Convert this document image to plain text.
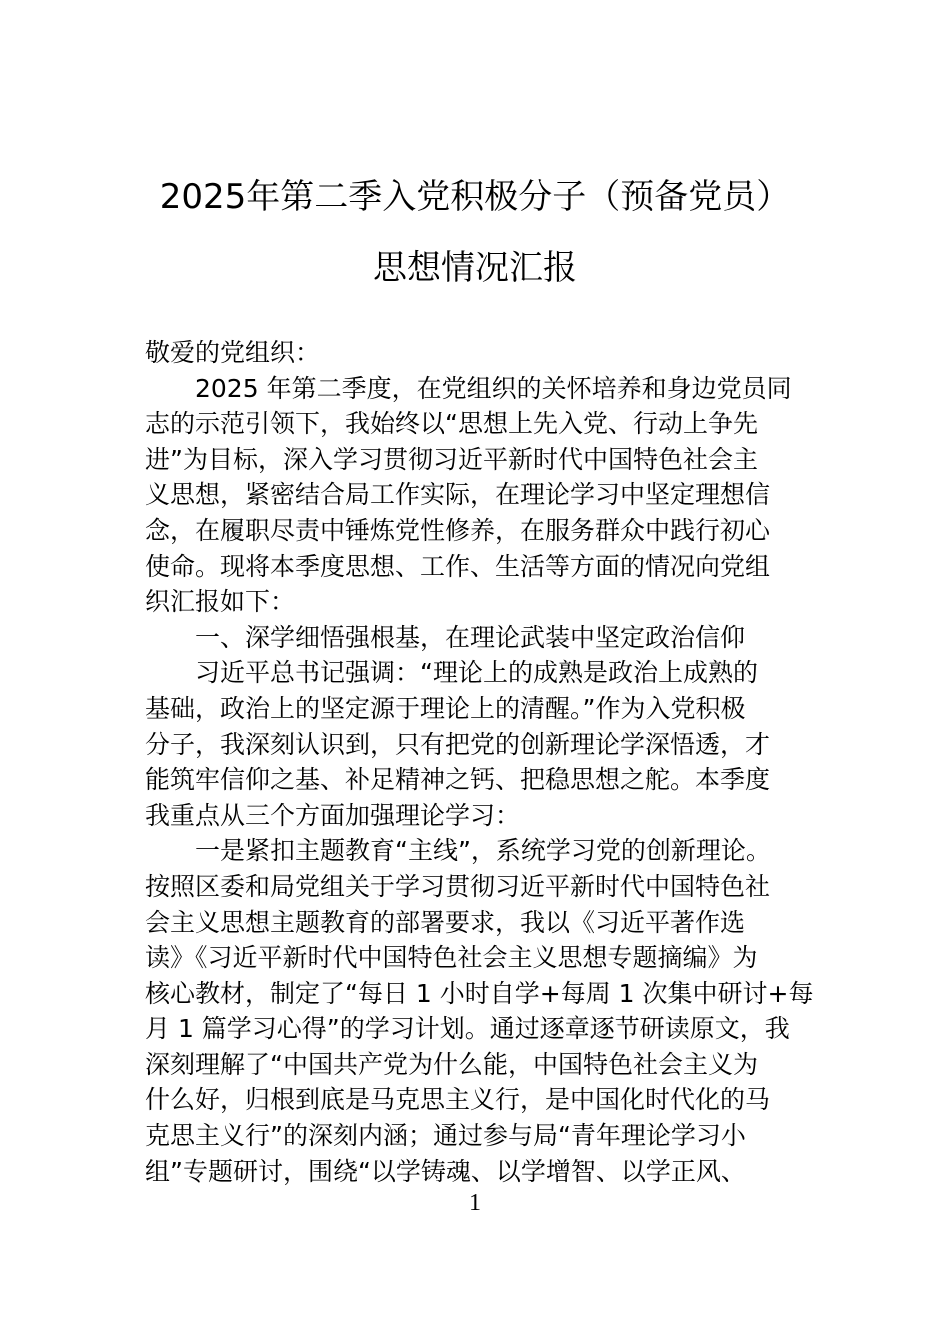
2025年第二季入党积极分子（预备党员）
思想情况汇报
敬爱的党组织：
2025 年第二季度，在党组织的关怀培养和身边党员同
志的示范引领下，我始终以“思想上先入党、行动上争先
进”为目标，深入学习贯彻习近平新时代中国特色社会主
义思想，紧密结合局工作实际，在理论学习中坚定理想信
念，在履职尽责中锤炼党性修养，在服务群众中践行初心
使命。现将本季度思想、工作、生活等方面的情况向党组
织汇报如下：
一、深学细悟强根基，在理论武装中坚定政治信仰
习近平总书记强调：“理论上的成熟是政治上成熟的
基础，政治上的坚定源于理论上的清醒。”作为入党积极
分子，我深刻认识到，只有把党的创新理论学深悟透，才
能筑牢信仰之基、补足精神之钙、把稳思想之舵。本季度
我重点从三个方面加强理论学习：
一是紧扣主题教育“主线”，系统学习党的创新理论。
按照区委和局党组关于学习贯彻习近平新时代中国特色社
会主义思想主题教育的部署要求，我以《习近平著作选
读》《习近平新时代中国特色社会主义思想专题摘编》为
核心教材，制定了“每日 1 小时自学+每周 1 次集中研讨+每
月 1 篇学习心得”的学习计划。通过逐章逐节研读原文，我
深刻理解了“中国共产党为什么能，中国特色社会主义为
什么好，归根到底是马克思主义行，是中国化时代化的马
克思主义行”的深刻内涵；通过参与局“青年理论学习小
组”专题研讨，围绕“以学铸魂、以学增智、以学正风、
1
